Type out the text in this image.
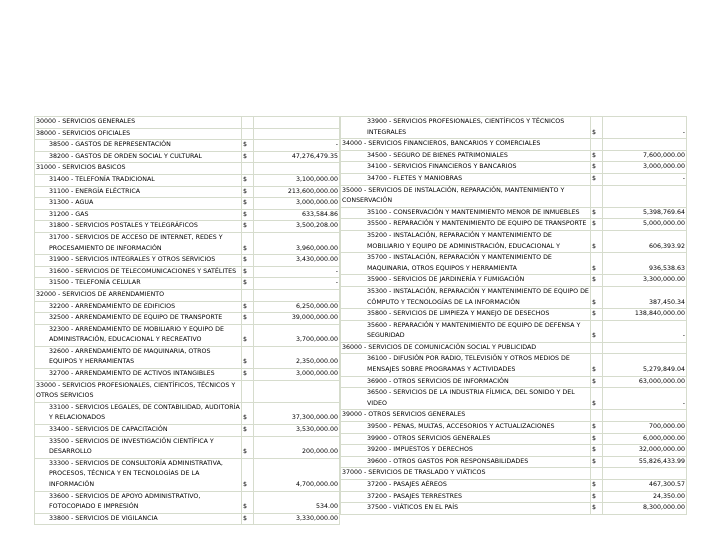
30000 - SERVICIOS GENERALES		
38000 - SERVICIOS OFICIALES		
38500 - GASTOS DE REPRESENTACIÓN	$	-
38200 - GASTOS DE ORDEN SOCIAL Y CULTURAL	$	47,276,479.35
31000 - SERVICIOS BASICOS		
31400 - TELEFONÍA TRADICIONAL	$	3,100,000.00
31100 - ENERGÍA ELÉCTRICA	$	213,600,000.00
31300 - AGUA	$	3,000,000.00
31200 - GAS	$	633,584.86
31800 - SERVICIOS POSTALES Y TELEGRÁFICOS	$	3,500,208.00
31700 - SERVICIOS DE ACCESO DE INTERNET, REDES Y PROCESAMIENTO DE INFORMACIÓN	$	3,960,000.00
31900 - SERVICIOS INTEGRALES Y OTROS SERVICIOS	$	3,430,000.00
31600 - SERVICIOS DE TELECOMUNICACIONES Y SATÉLITES	$	-
31500 - TELEFONÍA CELULAR	$	-
32000 - SERVICIOS DE ARRENDAMIENTO		
32200 - ARRENDAMIENTO DE EDIFICIOS	$	6,250,000.00
32500 - ARRENDAMIENTO DE EQUIPO DE TRANSPORTE	$	39,000,000.00
32300 - ARRENDAMIENTO DE MOBILIARIO Y EQUIPO DE ADMINISTRACIÓN, EDUCACIONAL Y RECREATIVO	$	3,700,000.00
32600 - ARRENDAMIENTO DE MAQUINARIA, OTROS EQUIPOS Y HERRAMIENTAS	$	2,350,000.00
32700 - ARRENDAMIENTO DE ACTIVOS INTANGIBLES	$	3,000,000.00
33000 - SERVICIOS PROFESIONALES, CIENTÍFICOS, TÉCNICOS Y OTROS SERVICIOS		
33100 - SERVICIOS LEGALES, DE CONTABILIDAD, AUDITORÍA Y RELACIONADOS	$	37,300,000.00
33400 - SERVICIOS DE CAPACITACIÓN	$	3,530,000.00
33500 - SERVICIOS DE INVESTIGACIÓN CIENTÍFICA Y DESARROLLO	$	200,000.00
33300 - SERVICIOS DE CONSULTORÍA ADMINISTRATIVA, PROCESOS, TÉCNICA Y EN TECNOLOGÍAS DE LA INFORMACIÓN	$	4,700,000.00
33600 - SERVICIOS DE APOYO ADMINISTRATIVO, FOTOCOPIADO E IMPRESIÓN	$	534.00
33800 - SERVICIOS DE VIGILANCIA	$	3,330,000.00
33900 - SERVICIOS PROFESIONALES, CIENTÍFICOS Y TÉCNICOS INTEGRALES	$	-
34000 - SERVICIOS FINANCIEROS, BANCARIOS Y COMERCIALES		
34500 - SEGURO DE BIENES PATRIMONIALES	$	7,600,000.00
34100 - SERVICIOS FINANCIEROS Y BANCARIOS	$	3,000,000.00
34700 - FLETES Y MANIOBRAS	$	-
35000 - SERVICIOS DE INSTALACIÓN, REPARACIÓN, MANTENIMIENTO Y CONSERVACIÓN		
35100 - CONSERVACIÓN Y MANTENIMIENTO MENOR DE INMUEBLES	$	5,398,769.64
35500 - REPARACIÓN Y MANTENIMIENTO DE EQUIPO DE TRANSPORTE	$	5,000,000.00
35200 - INSTALACIÓN, REPARACIÓN Y MANTENIMIENTO DE MOBILIARIO Y EQUIPO DE ADMINISTRACIÓN, EDUCACIONAL Y	$	606,393.92
35700 - INSTALACIÓN, REPARACIÓN Y MANTENIMIENTO DE MAQUINARIA, OTROS EQUIPOS Y HERRAMIENTA	$	936,538.63
35900 - SERVICIOS DE JARDINERÍA Y FUMIGACIÓN	$	3,300,000.00
35300 - INSTALACIÓN, REPARACIÓN Y MANTENIMIENTO DE EQUIPO DE CÓMPUTO Y TECNOLOGÍAS DE LA INFORMACIÓN	$	387,450.34
35800 - SERVICIOS DE LIMPIEZA Y MANEJO DE DESECHOS	$	138,840,000.00
35600 - REPARACIÓN Y MANTENIMIENTO DE EQUIPO DE DEFENSA Y SEGURIDAD	$	-
36000 - SERVICIOS DE COMUNICACIÓN SOCIAL Y PUBLICIDAD		
36100 - DIFUSIÓN POR RADIO, TELEVISIÓN Y OTROS MEDIOS DE MENSAJES SOBRE PROGRAMAS Y ACTIVIDADES	$	5,279,849.04
36900 - OTROS SERVICIOS DE INFORMACIÓN	$	63,000,000.00
36500 - SERVICIOS DE LA INDUSTRIA FÍLMICA, DEL SONIDO Y DEL VIDEO	$	-
39000 - OTROS SERVICIOS GENERALES		
39500 - PENAS, MULTAS, ACCESORIOS Y ACTUALIZACIONES	$	700,000.00
39900 - OTROS SERVICIOS GENERALES	$	6,000,000.00
39200 - IMPUESTOS Y DERECHOS	$	32,000,000.00
39600 - OTROS GASTOS POR RESPONSABILIDADES	$	55,826,433.99
37000 - SERVICIOS DE TRASLADO Y VIÁTICOS		
37200 - PASAJES AÉREOS	$	467,300.57
37200 - PASAJES TERRESTRES	$	24,350.00
37500 - VIÁTICOS EN EL PAÍS	$	8,300,000.00
